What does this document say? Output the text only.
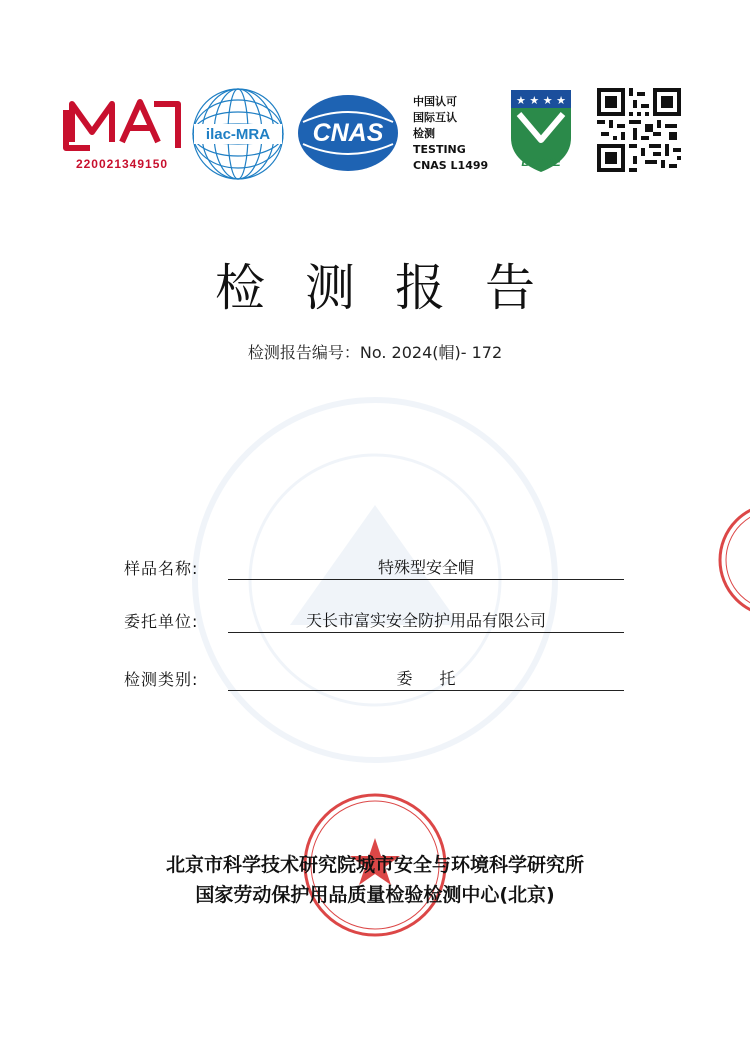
220021349150
ilac-MRA CNAS
中国认可
国际互认
检测
TESTING
CNAS L1499
★ ★ ★ ★
BJPPE
检测报告
检测报告编号：No. 2024(帽)- 172
样品名称:	特殊型安全帽
委托单位:	天长市富实安全防护用品有限公司
检测类别:	委 托
北京市科学技术研究院城市安全与环境科学研究所
国家劳动保护用品质量检验检测中心(北京)
